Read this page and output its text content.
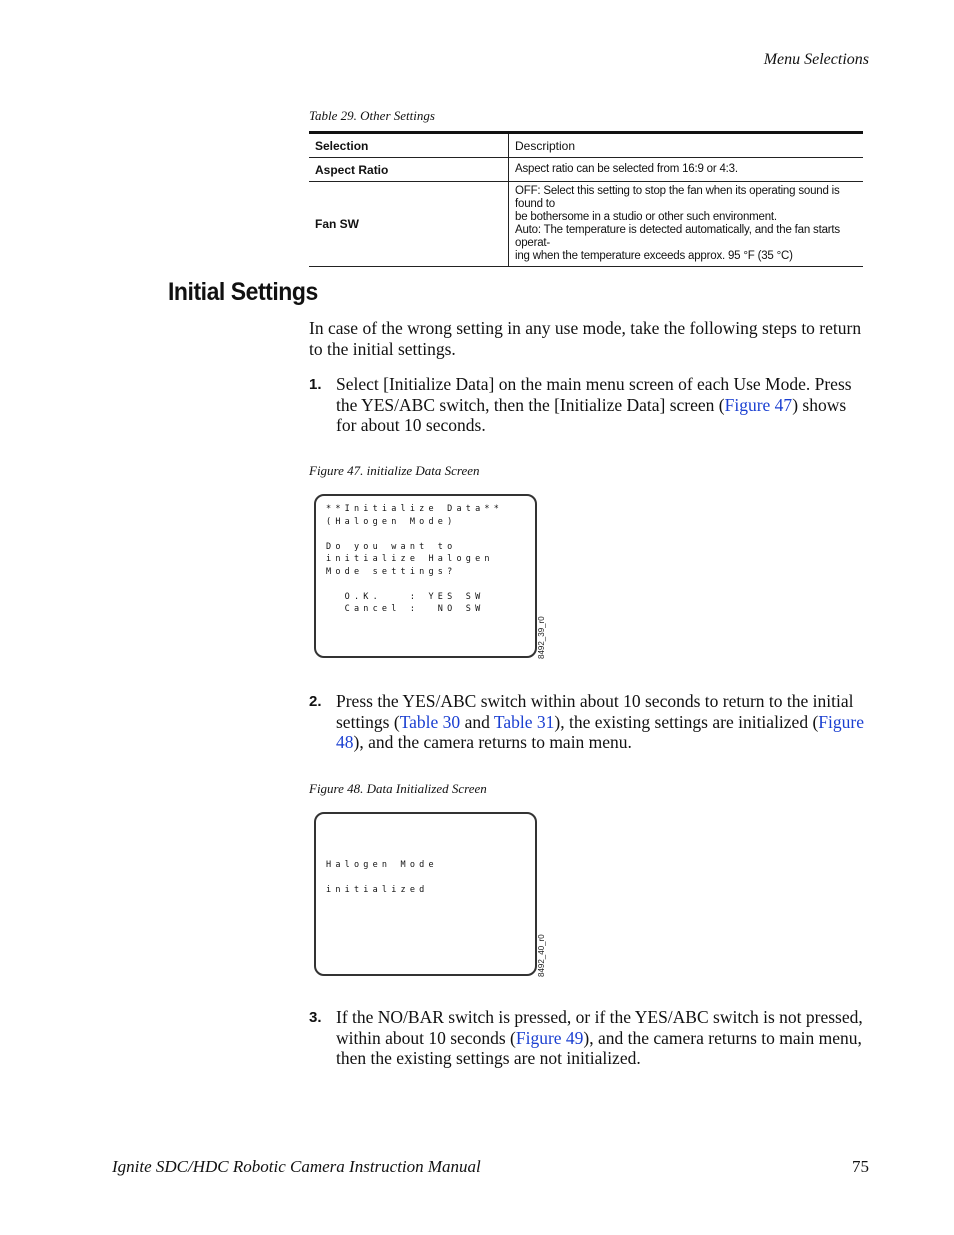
Menu Selections
Table 29. Other Settings
Selection	Description
Aspect Ratio	Aspect ratio can be selected from 16:9 or 4:3.

Fan SW	OFF: Select this setting to stop the fan when its operating sound is found to
be bothersome in a studio or other such environment.
Auto: The temperature is detected automatically, and the fan starts operat-
ing when the temperature exceeds approx. 95 °F (35 °C)
Initial Settings
In case of the wrong setting in any use mode, take the following steps to return to the initial settings.
1. Select [Initialize Data] on the main menu screen of each Use Mode. Press the YES/ABC switch, then the [Initialize Data] screen (Figure 47) shows for about 10 seconds.
Figure 47. initialize Data Screen
**Initialize Data**
(Halogen Mode)
Do you want to
initialize Halogen
Mode settings?
O.K.   : YES SW
Cancel :  NO SW
8492_39_r0
2. Press the YES/ABC switch within about 10 seconds to return to the initial settings (Table 30 and Table 31), the existing settings are initialized (Figure 48), and the camera returns to main menu.
Figure 48. Data Initialized Screen
Halogen Mode
initialized
8492_40_r0
3. If the NO/BAR switch is pressed, or if the YES/ABC switch is not pressed, within about 10 seconds (Figure 49), and the camera returns to main menu, then the existing settings are not initialized.
Ignite SDC/HDC Robotic Camera Instruction Manual	75
